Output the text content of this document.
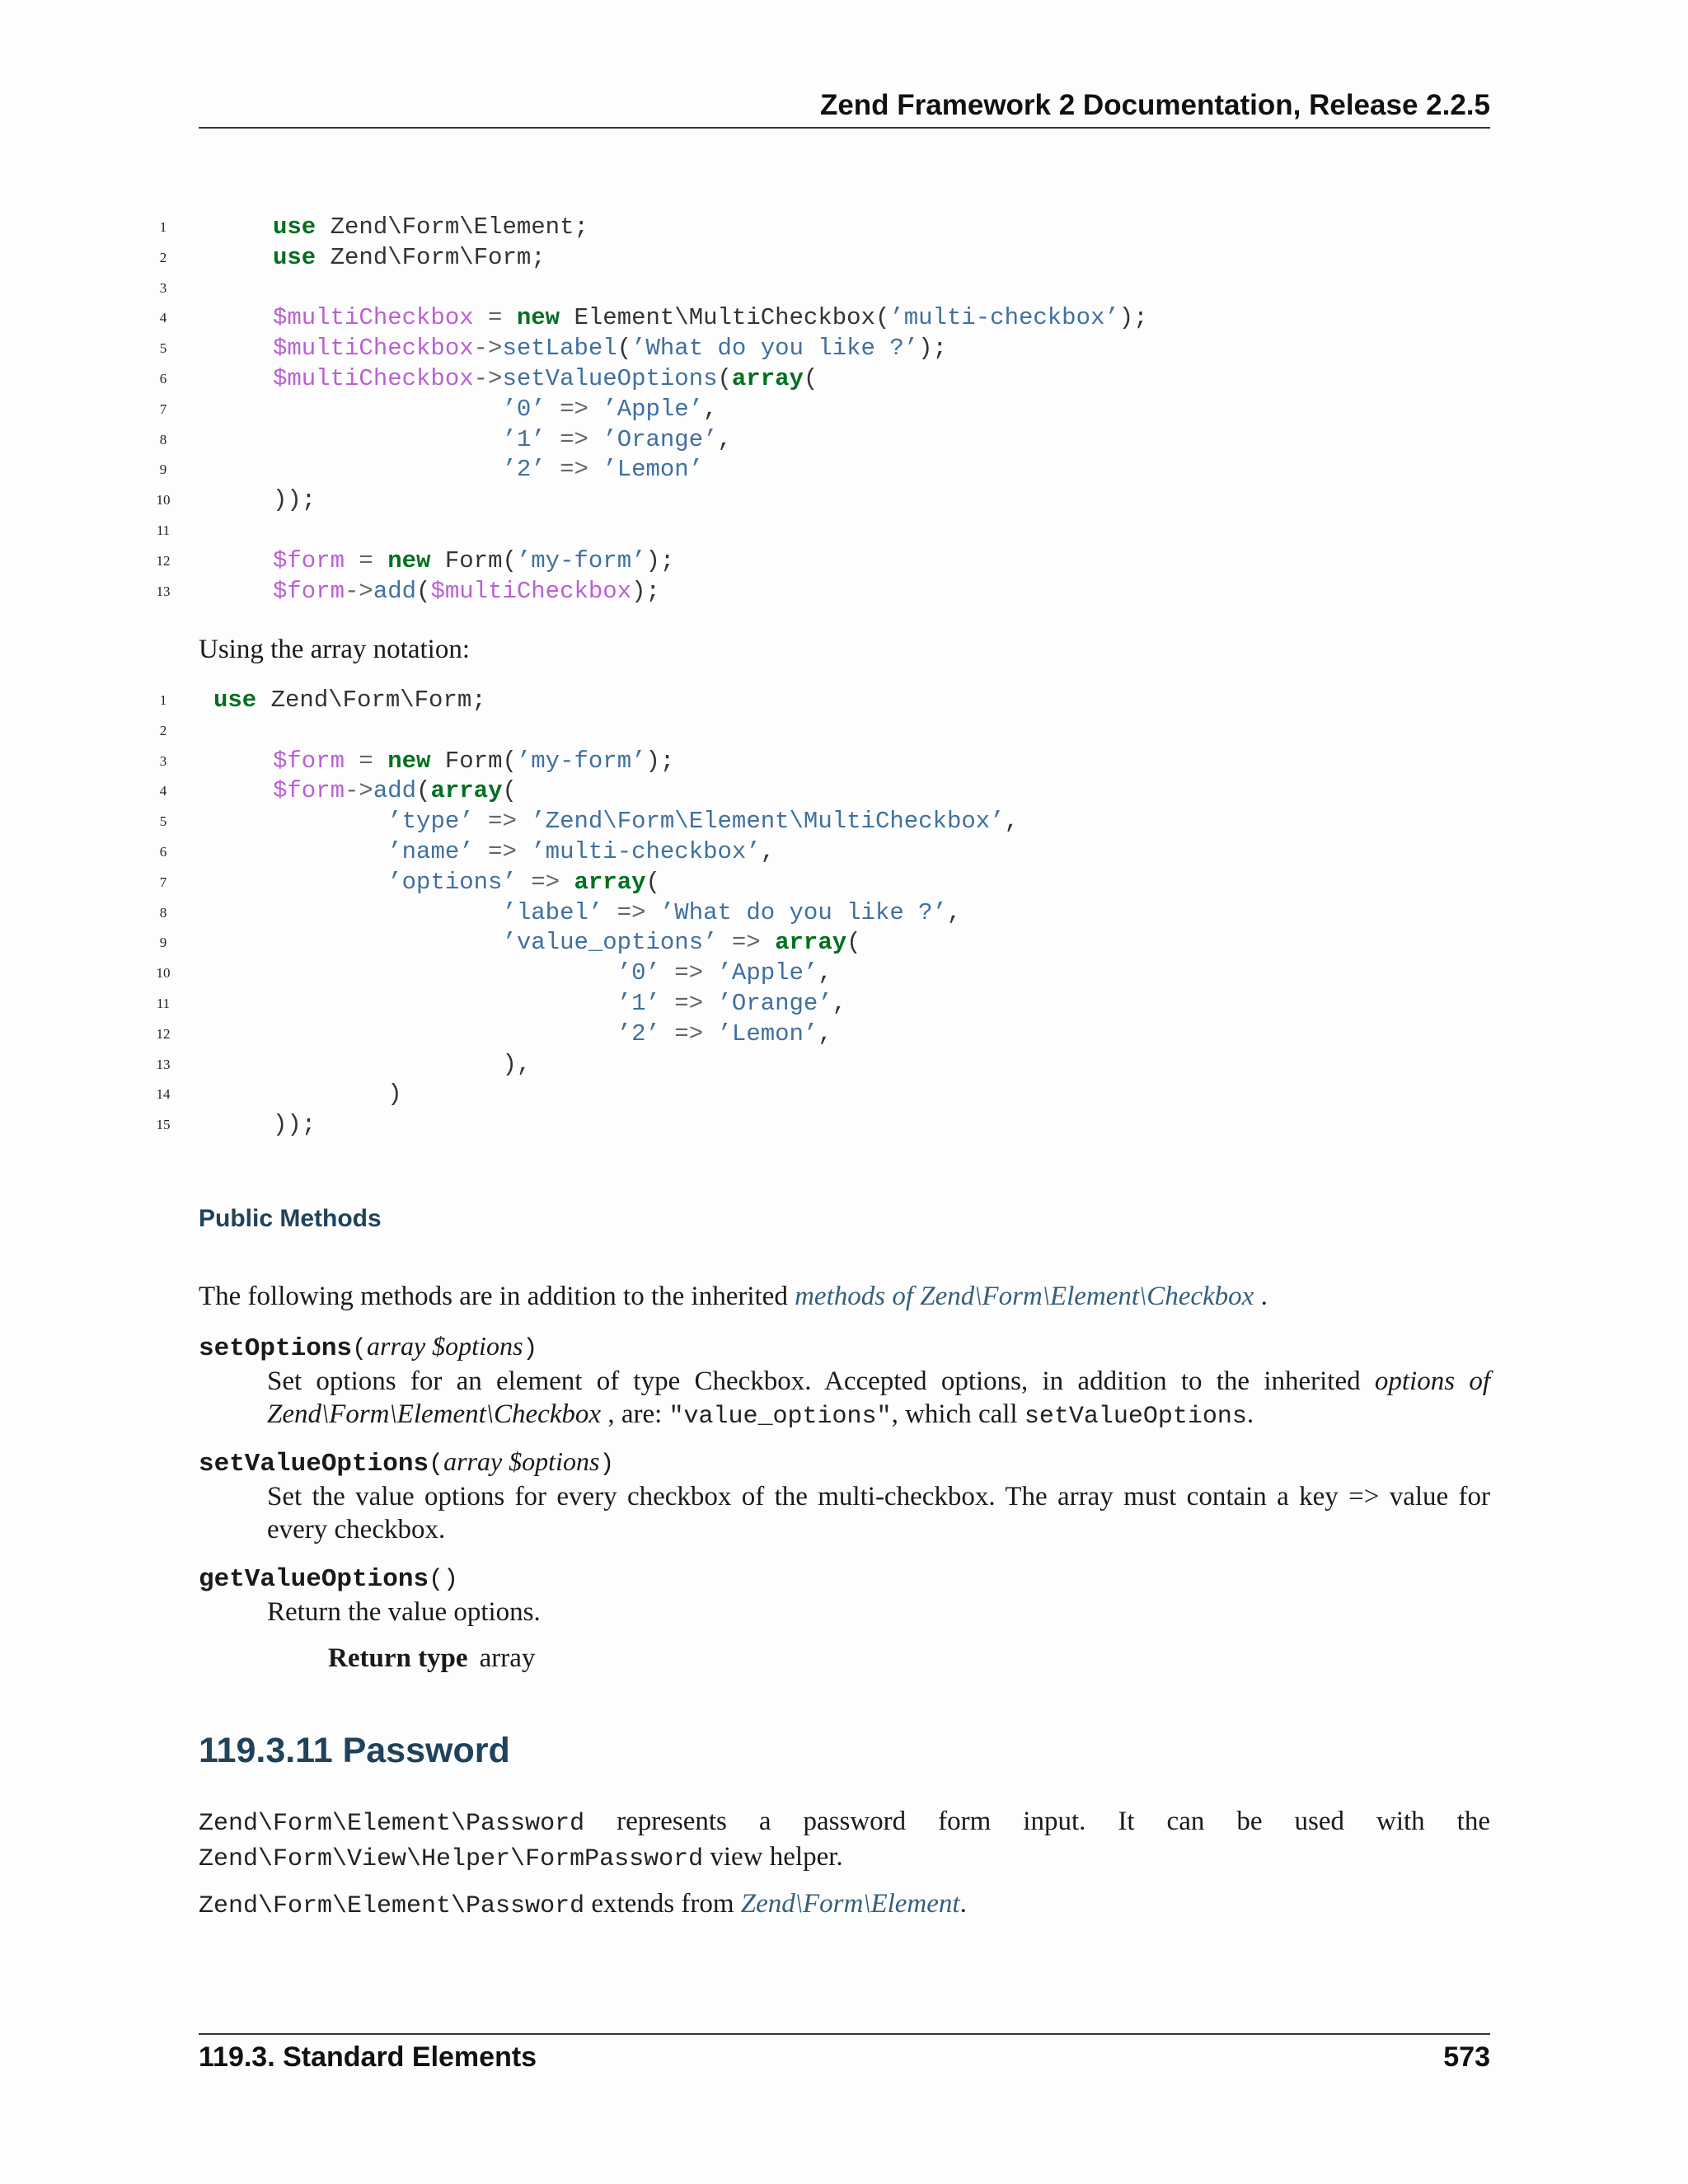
Zend Framework 2 Documentation, Release 2.2.5
1	use Zend\Form\Element;
2	use Zend\Form\Form;
3
4	$multiCheckbox = new Element\MultiCheckbox(’multi-checkbox’);
5	$multiCheckbox->setLabel(’What do you like ?’);
6	$multiCheckbox->setValueOptions(array(
7	’0’ => ’Apple’,
8	’1’ => ’Orange’,
9	’2’ => ’Lemon’
10	));
11
12	$form = new Form(’my-form’);
13	$form->add($multiCheckbox);
Using the array notation:
1	use Zend\Form\Form;
2
3	$form = new Form(’my-form’);
4	$form->add(array(
5	’type’ => ’Zend\Form\Element\MultiCheckbox’,
6	’name’ => ’multi-checkbox’,
7	’options’ => array(
8	’label’ => ’What do you like ?’,
9	’value_options’ => array(
10	’0’ => ’Apple’,
11	’1’ => ’Orange’,
12	’2’ => ’Lemon’,
13	),
14	)
15	));
Public Methods
The following methods are in addition to the inherited methods of Zend\Form\Element\Checkbox .
setOptions(array $options)
Set options for an element of type Checkbox. Accepted options, in addition to the inherited options of Zend\Form\Element\Checkbox , are: "value_options", which call setValueOptions.
setValueOptions(array $options)
Set the value options for every checkbox of the multi-checkbox. The array must contain a key => value for every checkbox.
getValueOptions()
Return the value options.
Return type array
119.3.11 Password
Zend\Form\Element\Password represents a password form input. It can be used with the Zend\Form\View\Helper\FormPassword view helper.
Zend\Form\Element\Password extends from Zend\Form\Element.
119.3. Standard Elements	573
